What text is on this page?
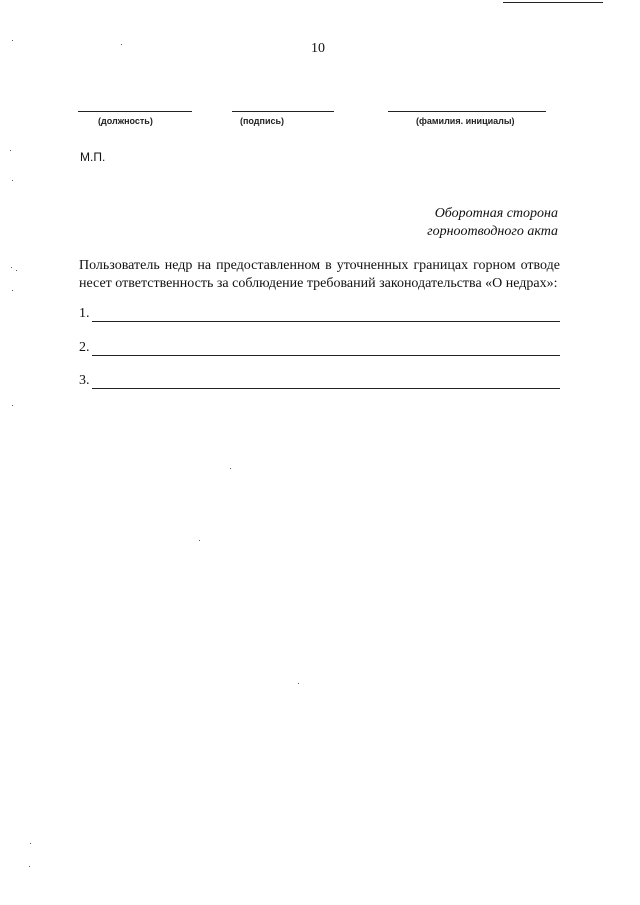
10
(должность)	(подпись)	(фамилия. инициалы)
М.П.
Оборотная сторона
горноотводного акта
Пользователь недр на предоставленном в уточненных границах горном отводе несет ответственность за соблюдение требований законодательства «О недрах»:
1.
2.
3.
